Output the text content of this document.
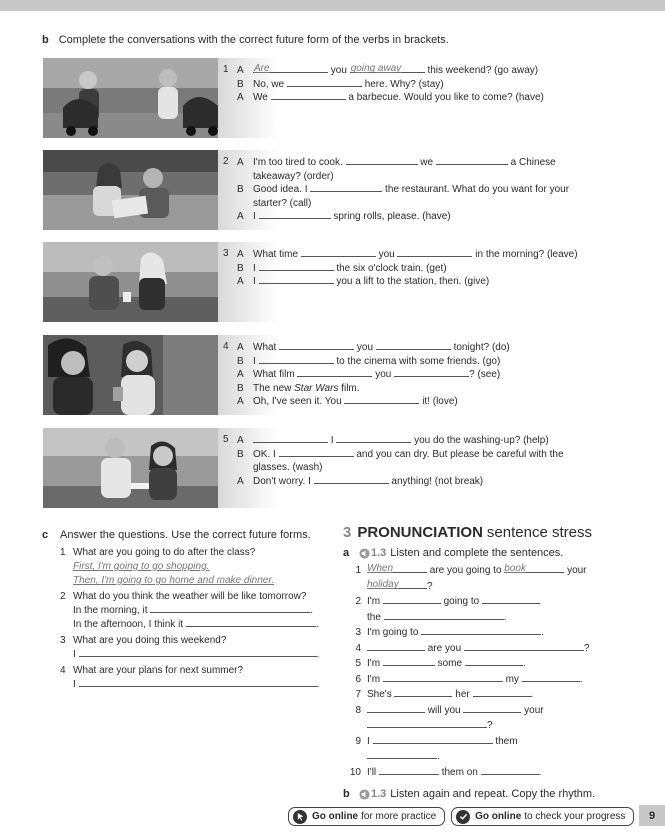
b Complete the conversations with the correct future form of the verbs in brackets.
1 A	Are	you going away	this weekend? (go away)
B No, we	here. Why? (stay)
A We	a barbecue. Would you like to come? (have)
2 A I'm too tired to cook.	we	a Chinese
takeaway? (order)
B Good idea. I	the restaurant. What do you want for your
starter? (call)
A I	spring rolls, please. (have)
3 A What time	you	in the morning? (leave)
B I	the six o'clock train. (get)
A I	you a lift to the station, then. (give)
4 A What	you	tonight? (do)
B I	to the cinema with some friends. (go)
A What film	you	? (see)
B The new Star Wars film.
A Oh, I've seen it. You	it! (love)
5 A	I	you do the washing-up? (help)
B OK. I	and you can dry. But please be careful with the
glasses. (wash)
A Don't worry. I	anything! (not break)
c	Answer the questions. Use the correct future forms.
1 What are you going to do after the class?
First, I'm going to go shopping.
Then, I'm going to go home and make dinner.
2 What do you think the weather will be like tomorrow?
In the morning, it	.
In the afternoon, I think it	.
3 What are you doing this weekend?
I	.
4 What are your plans for next summer?
I	.
3 PRONUNCIATION sentence stress
a	1.3 Listen and complete the sentences.
1 When	are you going to book	your
holiday	?
2 I'm	going to
the	.
3 I'm going to	.
4	are you	?
5 I'm	some	.
6 I'm	my	.
7 She's	her	.
8	will you	your
?
9 I	them
.
10 I'll	them on	.
b	1.3 Listen again and repeat. Copy the rhythm.
Go online for more practice	Go online to check your progress	9
